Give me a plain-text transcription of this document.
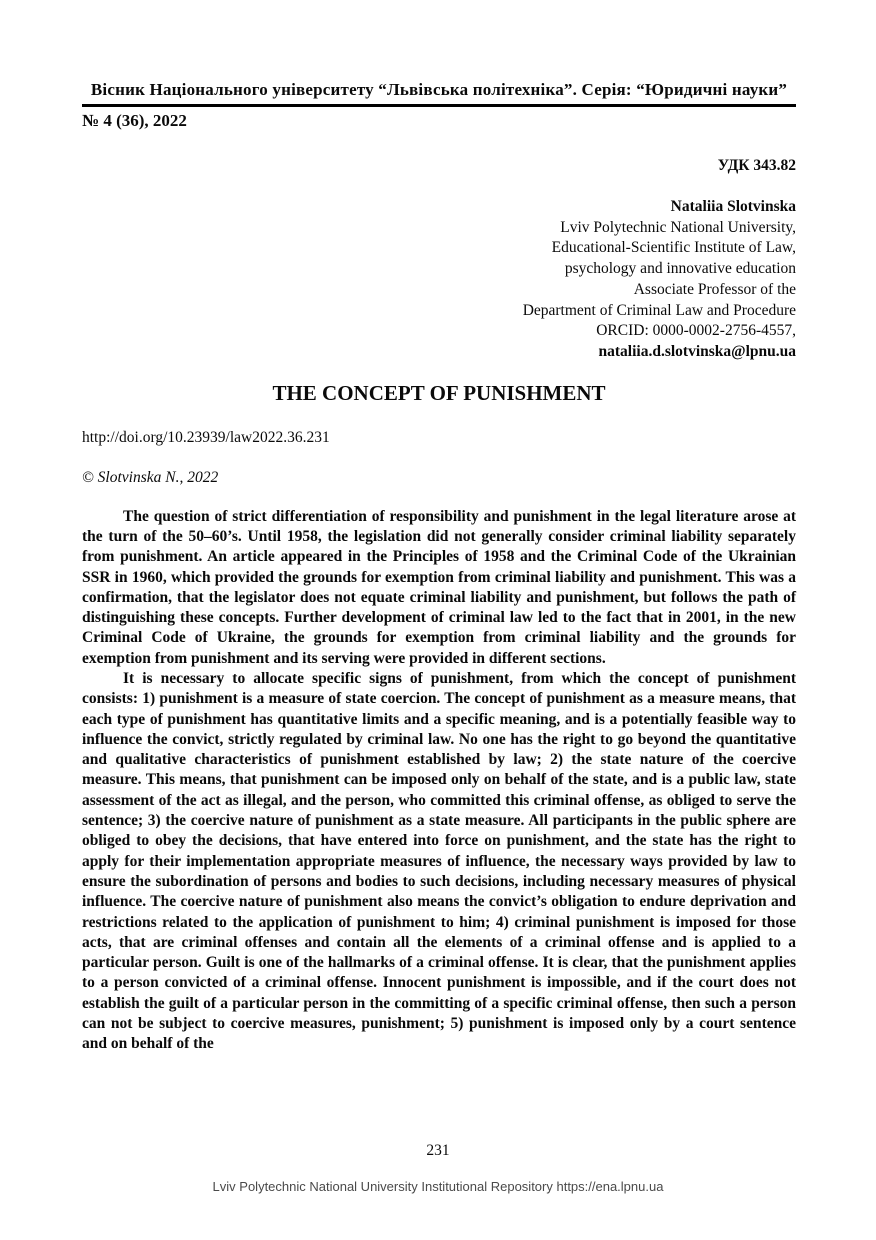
Вісник Національного університету “Львівська політехніка”. Серія: “Юридичні науки”
№ 4 (36), 2022
УДК 343.82
Nataliia Slotvinska
Lviv Polytechnic National University,
Educational-Scientific Institute of Law,
psychology and innovative education
Associate Professor of the
Department of Criminal Law and Procedure
ORCID: 0000-0002-2756-4557,
nataliia.d.slotvinska@lpnu.ua
THE CONCEPT OF PUNISHMENT
http://doi.org/10.23939/law2022.36.231
© Slotvinska N., 2022

The question of strict differentiation of responsibility and punishment in the legal literature arose at the turn of the 50–60’s. Until 1958, the legislation did not generally consider criminal liability separately from punishment. An article appeared in the Principles of 1958 and the Criminal Code of the Ukrainian SSR in 1960, which provided the grounds for exemption from criminal liability and punishment. This was a confirmation, that the legislator does not equate criminal liability and punishment, but follows the path of distinguishing these concepts. Further development of criminal law led to the fact that in 2001, in the new Criminal Code of Ukraine, the grounds for exemption from criminal liability and the grounds for exemption from punishment and its serving were provided in different sections.

It is necessary to allocate specific signs of punishment, from which the concept of punishment consists: 1) punishment is a measure of state coercion. The concept of punishment as a measure means, that each type of punishment has quantitative limits and a specific meaning, and is a potentially feasible way to influence the convict, strictly regulated by criminal law. No one has the right to go beyond the quantitative and qualitative characteristics of punishment established by law; 2) the state nature of the coercive measure. This means, that punishment can be imposed only on behalf of the state, and is a public law, state assessment of the act as illegal, and the person, who committed this criminal offense, as obliged to serve the sentence; 3) the coercive nature of punishment as a state measure. All participants in the public sphere are obliged to obey the decisions, that have entered into force on punishment, and the state has the right to apply for their implementation appropriate measures of influence, the necessary ways provided by law to ensure the subordination of persons and bodies to such decisions, including necessary measures of physical influence. The coercive nature of punishment also means the convict’s obligation to endure deprivation and restrictions related to the application of punishment to him; 4) criminal punishment is imposed for those acts, that are criminal offenses and contain all the elements of a criminal offense and is applied to a particular person. Guilt is one of the hallmarks of a criminal offense. It is clear, that the punishment applies to a person convicted of a criminal offense. Innocent punishment is impossible, and if the court does not establish the guilt of a particular person in the committing of a specific criminal offense, then such a person can not be subject to coercive measures, punishment; 5) punishment is imposed only by a court sentence and on behalf of the

231
Lviv Polytechnic National University Institutional Repository https://ena.lpnu.ua
